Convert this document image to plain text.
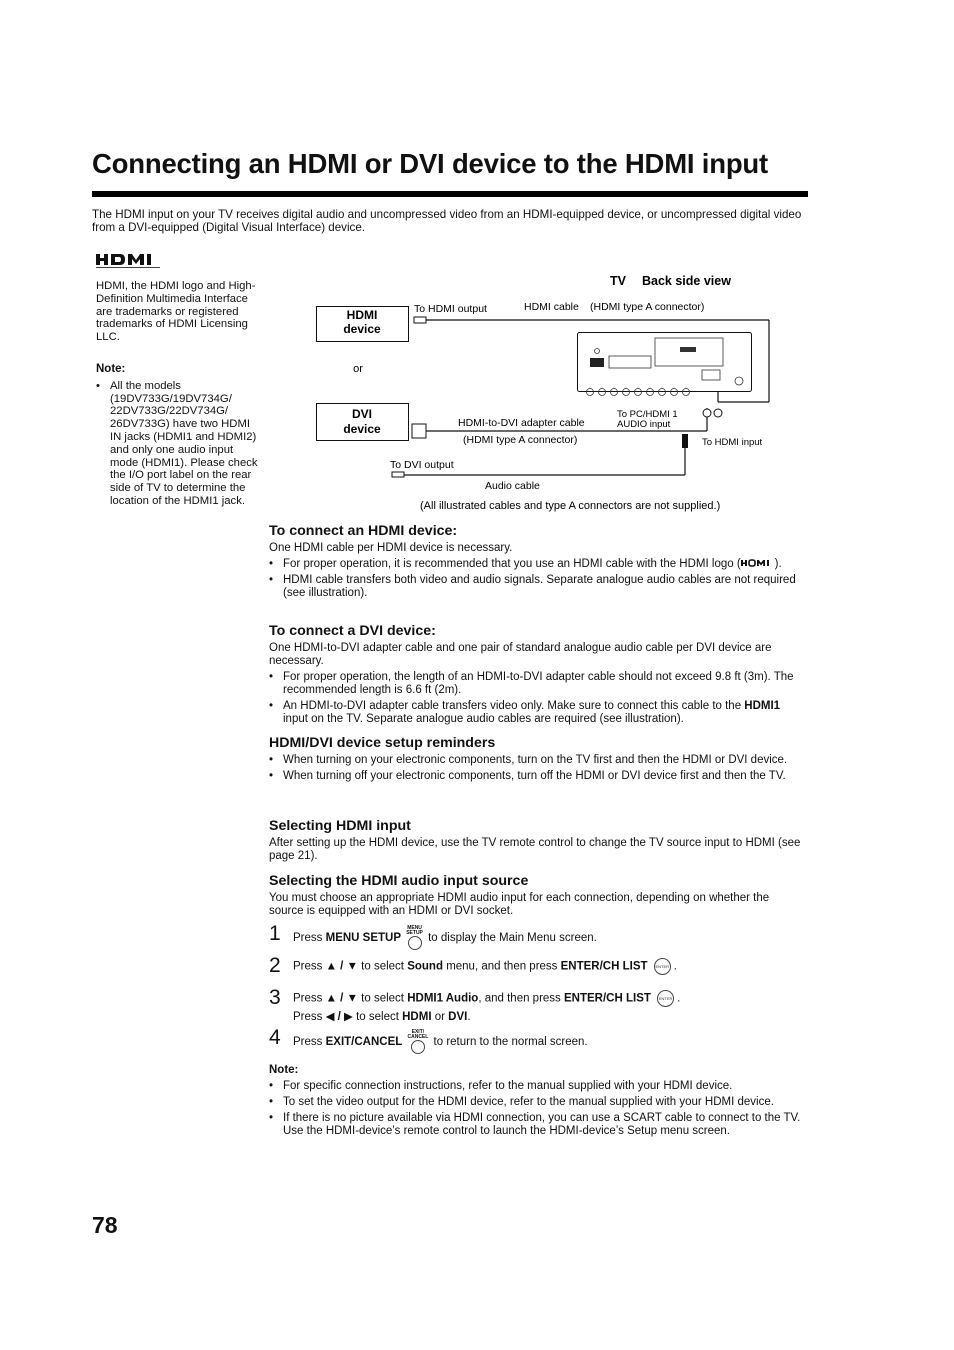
Connecting an HDMI or DVI device to the HDMI input
The HDMI input on your TV receives digital audio and uncompressed video from an HDMI-equipped device, or uncompressed digital video from a DVI-equipped (Digital Visual Interface) device.
HDMI, the HDMI logo and High-Definition Multimedia Interface are trademarks or registered trademarks of HDMI Licensing LLC.
Note:
• All the models (19DV733G/19DV734G/ 22DV733G/22DV734G/ 26DV733G) have two HDMI IN jacks (HDMI1 and HDMI2) and only one audio input mode (HDMI1). Please check the I/O port label on the rear side of TV to determine the location of the HDMI1 jack.
TV Back side view
HDMI
device
or
DVI
device
To HDMI output	HDMI cable (HDMI type A connector)
HDMI-to-DVI adapter cable
(HDMI type A connector)
To PC/HDMI 1
AUDIO input
To HDMI input
To DVI output
Audio cable
(All illustrated cables and type A connectors are not supplied.)
To connect an HDMI device:

One HDMI cable per HDMI device is necessary.

• For proper operation, it is recommended that you use an HDMI cable with the HDMI logo (	).
• HDMI cable transfers both video and audio signals. Separate analogue audio cables are not required (see illustration).
To connect a DVI device:

One HDMI-to-DVI adapter cable and one pair of standard analogue audio cable per DVI device are necessary.

• For proper operation, the length of an HDMI-to-DVI adapter cable should not exceed 9.8 ft (3m). The recommended length is 6.6 ft (2m).
• An HDMI-to-DVI adapter cable transfers video only. Make sure to connect this cable to the HDMI1 input on the TV. Separate analogue audio cables are required (see illustration).
HDMI/DVI device setup reminders
• When turning on your electronic components, turn on the TV first and then the HDMI or DVI device.
• When turning off your electronic components, turn off the HDMI or DVI device first and then the TV.
Selecting HDMI input

After setting up the HDMI device, use the TV remote control to change the TV source input to HDMI (see page 21).

Selecting the HDMI audio input source

You must choose an appropriate HDMI audio input for each connection, depending on whether the source is equipped with an HDMI or DVI socket.

1 Press MENU SETUP
MENU
SETUP to display the Main Menu screen.
2 Press ▲ / ▼ to select Sound menu, and then press ENTER/CH LIST ENTER .
3 Press ▲ / ▼ to select HDMI1 Audio, and then press ENTER/CH LIST ENTER .
Press ◀ / ▶ to select HDMI or DVI.
4 Press EXIT/CANCEL
EXIT/
CANCEL to return to the normal screen.
Note:
• For specific connection instructions, refer to the manual supplied with your HDMI device.
• To set the video output for the HDMI device, refer to the manual supplied with your HDMI device.
• If there is no picture available via HDMI connection, you can use a SCART cable to connect to the TV. Use the HDMI-device’s remote control to launch the HDMI-device’s Setup menu screen.
78
